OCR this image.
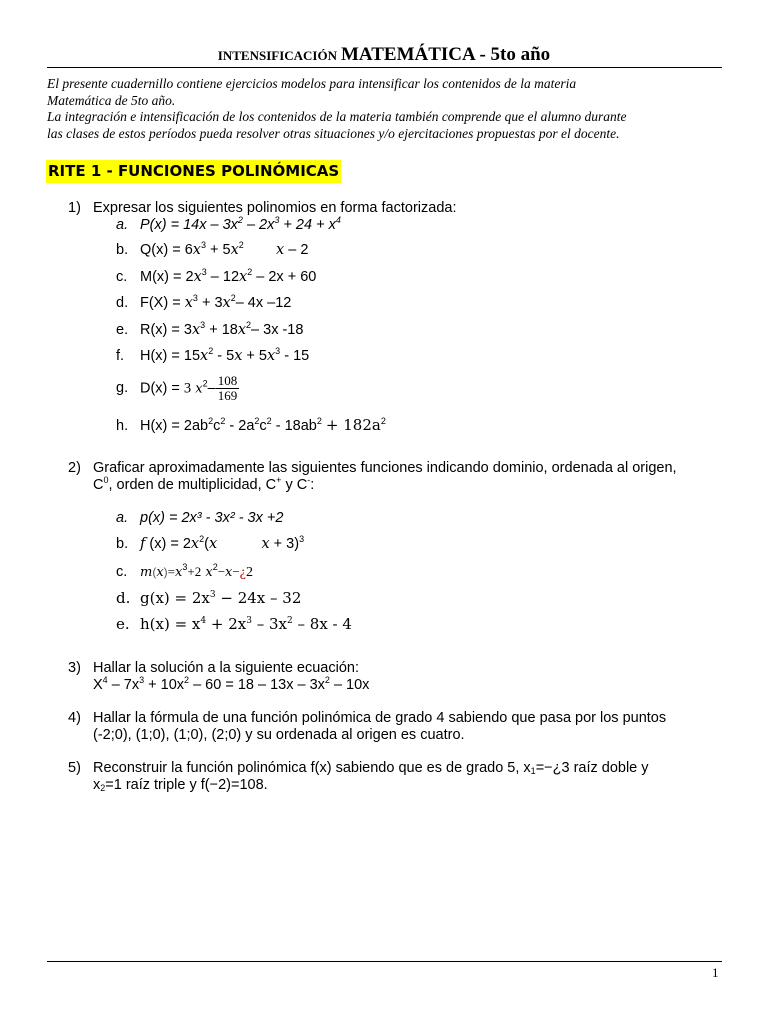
INTENSIFICACIÓN MATEMÁTICA - 5to año
El presente cuadernillo contiene ejercicios modelos para intensificar los contenidos de la materia
Matemática de 5to año.
La integración e intensificación de los contenidos de la materia también comprende que el alumno durante
las clases de estos períodos pueda resolver otras situaciones y/o ejercitaciones propuestas por el docente.
RITE 1 - FUNCIONES POLINÓMICAS
1) Expresar los siguientes polinomios en forma factorizada:
a. $P(x) = 14x - 3x^2 - 2x^3 + 24 + x^4$
b. $Q(x) = 6x^3 + 5x^2$ x – 2
c. $M(x) = 2x^3 - 12x^2 - 2x + 60$
d. $F(X) = x^3 + 3x^2-$ 4x –12
e. $R(x) = 3x^3 + 18x^2-$ 3x -18
f. $H(x) = 15x^2 - 5x + 5x^3 - 15$
g. D(x) = 3 $x^2- \frac{108}{169}$
h. $H(x) = 2ab^2c^2 - 2a^2c^2 - 18ab^2 + 182a^2$
2) Graficar aproximadamente las siguientes funciones indicando dominio, ordenada al origen,
$C^0$, orden de multiplicidad, C+ y C-:
a. p(x) = 2x³ - 3x² - 3x +2
b. f $(x) = 2x^2(x$	x + 3)$^3$
c. $m(x)=x^3+2$ $x^2-x-¿2$
d. $g(x) = 2x^3 - 24x - 32$
e. $h(x) = x^4 + 2x^3 - 3x^2 - 8x - 4$
3) Hallar la solución a la siguiente ecuación:
$X^4 - 7x^3 + 10x^2 - 60 = 18 - 13x - 3x^2 - 10x$
4) Hallar la fórmula de una función polinómica de grado 4 sabiendo que pasa por los puntos
(-2;0), (1;0), (1;0), (2;0) y su ordenada al origen es cuatro.
5) Reconstruir la función polinómica f(x) sabiendo que es de grado 5, $x_1=-¿3$ raíz doble y
$x_2=1$ raíz triple y f(−2)=108.
1
